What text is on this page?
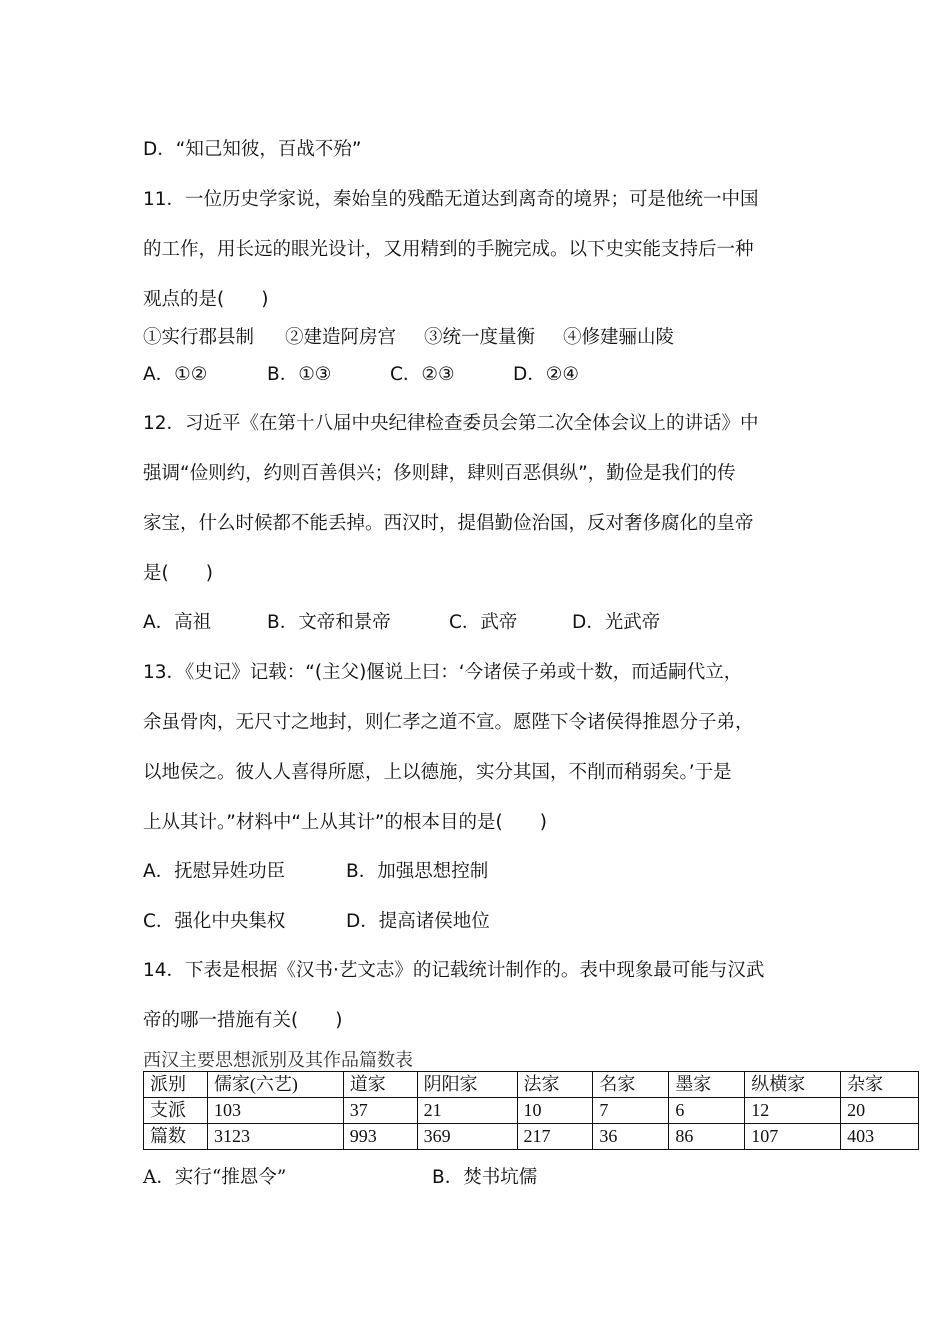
D．“知己知彼，百战不殆”
11．一位历史学家说，秦始皇的残酷无道达到离奇的境界；可是他统一中国
的工作，用长远的眼光设计，又用精到的手腕完成。以下史实能支持后一种
观点的是(　　)
①实行郡县制 ②建造阿房宫 ③统一度量衡 ④修建骊山陵
A．①②	B．①③	C．②③	D．②④
12．习近平《在第十八届中央纪律检查委员会第二次全体会议上的讲话》中
强调“俭则约，约则百善俱兴；侈则肆，肆则百恶俱纵”，勤俭是我们的传
家宝，什么时候都不能丢掉。西汉时，提倡勤俭治国，反对奢侈腐化的皇帝
是(　　)
A．高祖	B．文帝和景帝	C．武帝	D．光武帝
13．《史记》记载：“(主父)偃说上曰：‘今诸侯子弟或十数，而适嗣代立，
余虽骨肉，无尺寸之地封，则仁孝之道不宣。愿陛下令诸侯得推恩分子弟，
以地侯之。彼人人喜得所愿，上以德施，实分其国，不削而稍弱矣。’于是
上从其计。”材料中“上从其计”的根本目的是(　　)
A．抚慰异姓功臣	B．加强思想控制
C．强化中央集权	D．提高诸侯地位
14．下表是根据《汉书·艺文志》的记载统计制作的。表中现象最可能与汉武
帝的哪一措施有关(　　)
西汉主要思想派别及其作品篇数表
派别	儒家(六艺)	道家	阴阳家	法家	名家	墨家	纵横家	杂家
支派	103	37	21	10	7	6	12	20
篇数	3123	993	369	217	36	86	107	403
A．实行“推恩令”	B．焚书坑儒
